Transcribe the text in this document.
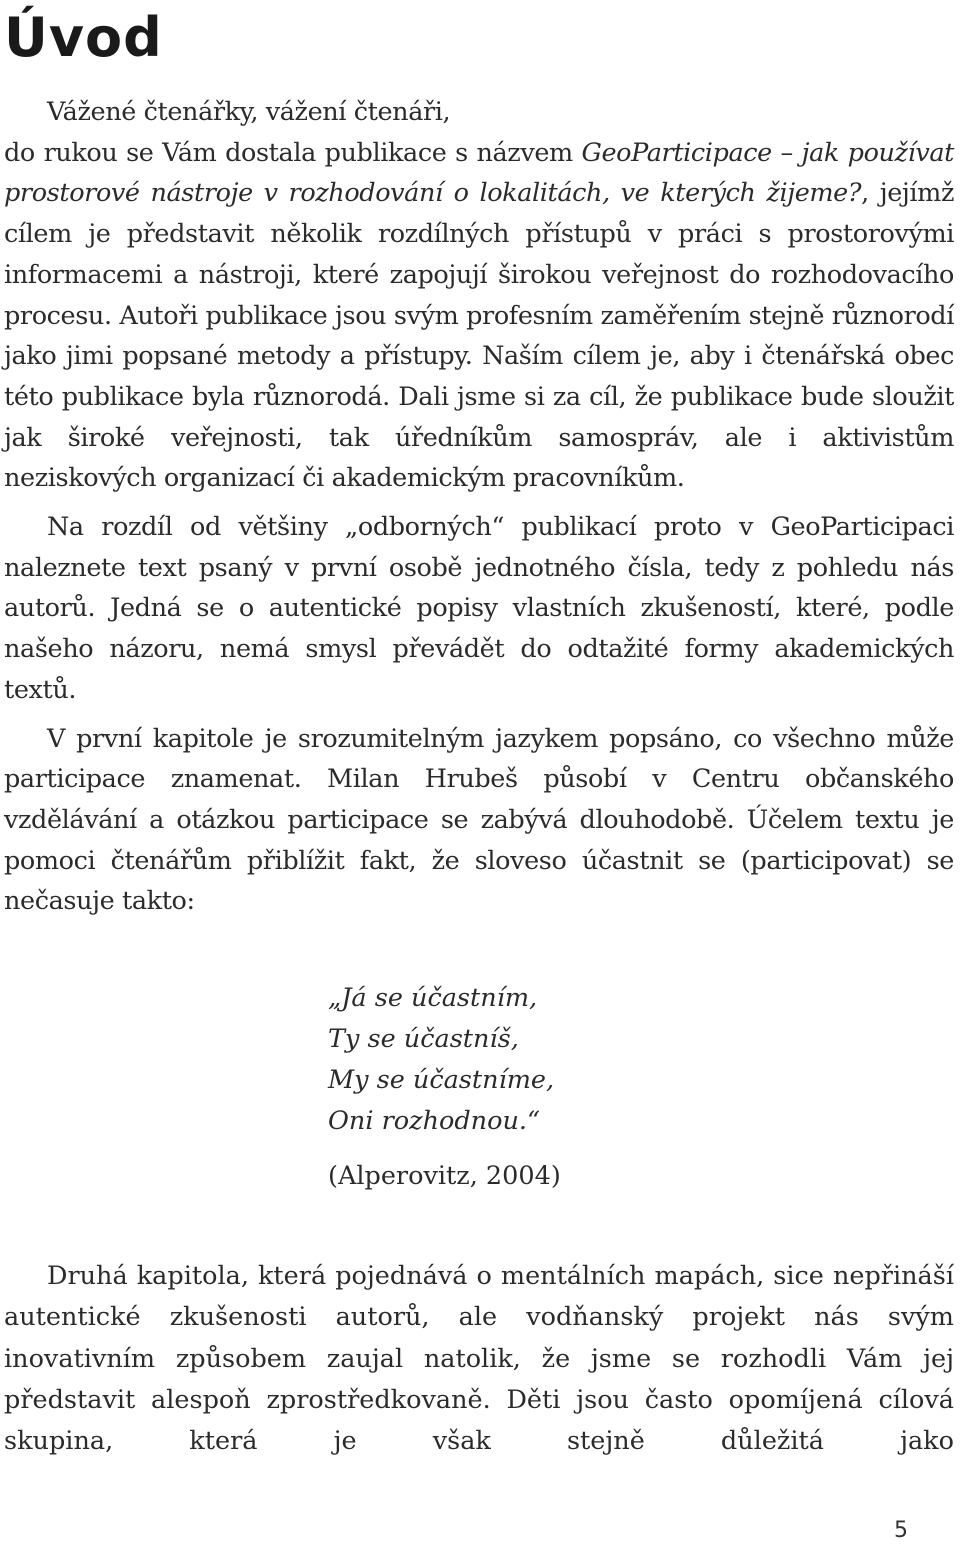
Úvod

Vážené čtenářky, vážení čtenáři,

do rukou se Vám dostala publikace s názvem GeoParticipace – jak používat prostorové nástroje v rozhodování o lokalitách, ve kterých žijeme?, jejímž cílem je představit několik rozdílných přístupů v práci s prostorovými informacemi a nástroji, které zapojují širokou veřejnost do rozhodovacího procesu. Autoři publikace jsou svým profesním zaměřením stejně různorodí jako jimi popsané metody a přístupy. Naším cílem je, aby i čtenářská obec této publikace byla různorodá. Dali jsme si za cíl, že publikace bude sloužit jak široké veřejnosti, tak úředníkům samospráv, ale i aktivistům neziskových organizací či akademickým pracovníkům.

Na rozdíl od většiny „odborných“ publikací proto v GeoParticipaci naleznete text psaný v první osobě jednotného čísla, tedy z pohledu nás autorů. Jedná se o autentické popisy vlastních zkušeností, které, podle našeho názoru, nemá smysl převádět do odtažité formy akademických textů.

V první kapitole je srozumitelným jazykem popsáno, co všechno může participace znamenat. Milan Hrubeš působí v Centru občanského vzdělávání a otázkou participace se zabývá dlouhodobě. Účelem textu je pomoci čtenářům přiblížit fakt, že sloveso účastnit se (participovat) se nečasuje takto:

„Já se účastním,
Ty se účastníš,
My se účastníme,
Oni rozhodnou.“
(Alperovitz, 2004)

Druhá kapitola, která pojednává o mentálních mapách, sice nepřináší autentické zkušenosti autorů, ale vodňanský projekt nás svým inovativním způsobem zaujal natolik, že jsme se rozhodli Vám jej představit alespoň zprostředkovaně. Děti jsou často opomíjená cílová skupina, která je však stejně důležitá jako

5
